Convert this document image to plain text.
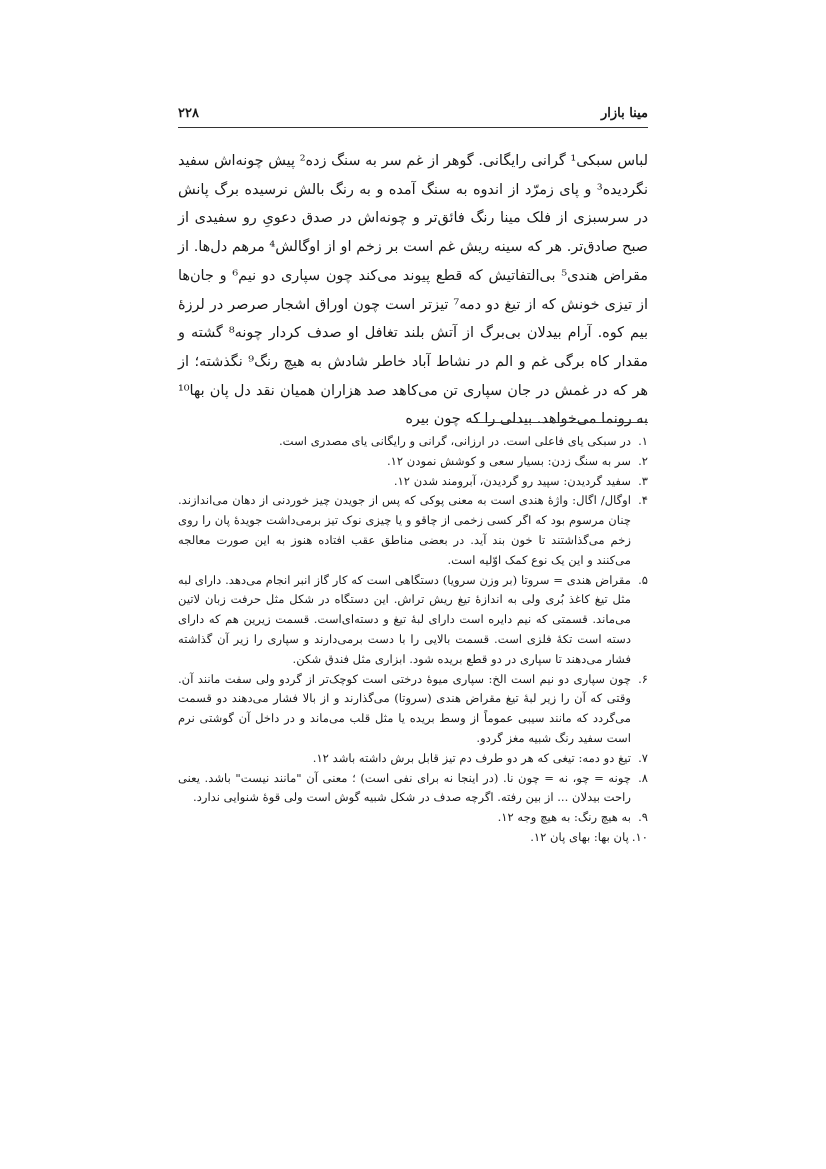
مینا بازار
۲۲۸

لباس سبکی¹ گرانی رایگانی. گوهر از غم سر به سنگ زده² پیش چونه‌اش سفید نگردیده³ و پای زمرّد از اندوه به سنگ آمده و به رنگ بالش نرسیده برگ پانش در سرسبزی از فلک مینا رنگ فائق‌تر و چونه‌اش در صدق دعویِ رو سفیدی از صبح صادق‌تر. هر که سینه ریش غم است بر زخم او از اوگالش⁴ مرهم دل‌ها. از مقراض هندی⁵ بی‌التفاتیش که قطع پیوند می‌کند چون سپاری دو نیم⁶ و جان‌ها از تیزی خونش که از تیغ دو دمه⁷ تیزتر است چون اوراق اشجار صرصر در لرزهٔ بیم کوه. آرام بیدلان بی‌برگ از آتش بلند تغافل او صدف کردار چونه⁸ گشته و مقدار کاه برگی غم و الم در نشاط آباد خاطر شادش به هیچ رنگ⁹ نگذشته؛ از هر که در غمش در جان سپاری تن می‌کاهد صد هزاران همیان نقد دل پان بها¹⁰ به رونما می‌خواهد. بیدلی را که چون بیره

۱.
در سبکی یای فاعلی است. در ارزانی، گرانی و رایگانی یای مصدری است.
۲.
سر به سنگ زدن: بسیار سعی و کوشش نمودن ۱۲.
۳.
سفید گردیدن: سپید رو گردیدن، آبرومند شدن ۱۲.
۴.
اوگال/ اگال: واژهٔ هندی است به معنی پوکی که پس از جویدن چیز خوردنی از دهان می‌اندازند. چنان مرسوم بود که اگر کسی زخمی از چاقو و یا چیزی نوک تیز برمی‌داشت جویدهٔ پان را روی زخم می‌گذاشتند تا خون بند آید. در بعضی مناطق عقب افتاده هنوز به این صورت معالجه می‌کنند و این یک نوع کمک اوّلیه است.
۵.
مقراض هندی = سروتا (بر وزن سرویا) دستگاهی است که کار گاز انبر انجام می‌دهد. دارای لبه مثل تیغ کاغذ بُری ولی به اندازهٔ تیغ ریش تراش. این دستگاه در شکل مثل حرفت زبان لاتین می‌ماند. قسمتی که نیم دایره است دارای لبهٔ تیغ و دسته‌ای‌است. قسمت زیرین هم که دارای دسته است تکهٔ فلزی است. قسمت بالایی را با دست برمی‌دارند و سپاری را زیر آن گذاشته فشار می‌دهند تا سپاری در دو قطع بریده شود. ابزاری مثل فندق شکن.
۶.
چون سپاری دو نیم است الخ: سپاری میوهٔ درختی است کوچک‌تر از گردو ولی سفت مانند آن. وقتی که آن را زیر لبهٔ تیغ مقراض هندی (سروتا) می‌گذارند و از بالا فشار می‌دهند دو قسمت می‌گردد که مانند سیبی عموماً از وسط بریده یا مثل قلب می‌ماند و در داخل آن گوشتی نرم است سفید رنگ شبیه مغز گردو.
۷.
تیغ دو دمه: تیغی که هر دو طرف دم تیز قابل برش داشته باشد ۱۲.
۸.
چونه = چو، نه = چون نا. (در اینجا نه برای نفی است) ؛ معنی آن "مانند نیست" باشد. یعنی راحت بیدلان ... از بین رفته. اگرچه صدف در شکل شبیه گوش است ولی قوهٔ شنوایی ندارد.
۹.
به هیچ رنگ: به هیچ وجه ۱۲.
۱۰.
پان بها: بهای پان ۱۲.
